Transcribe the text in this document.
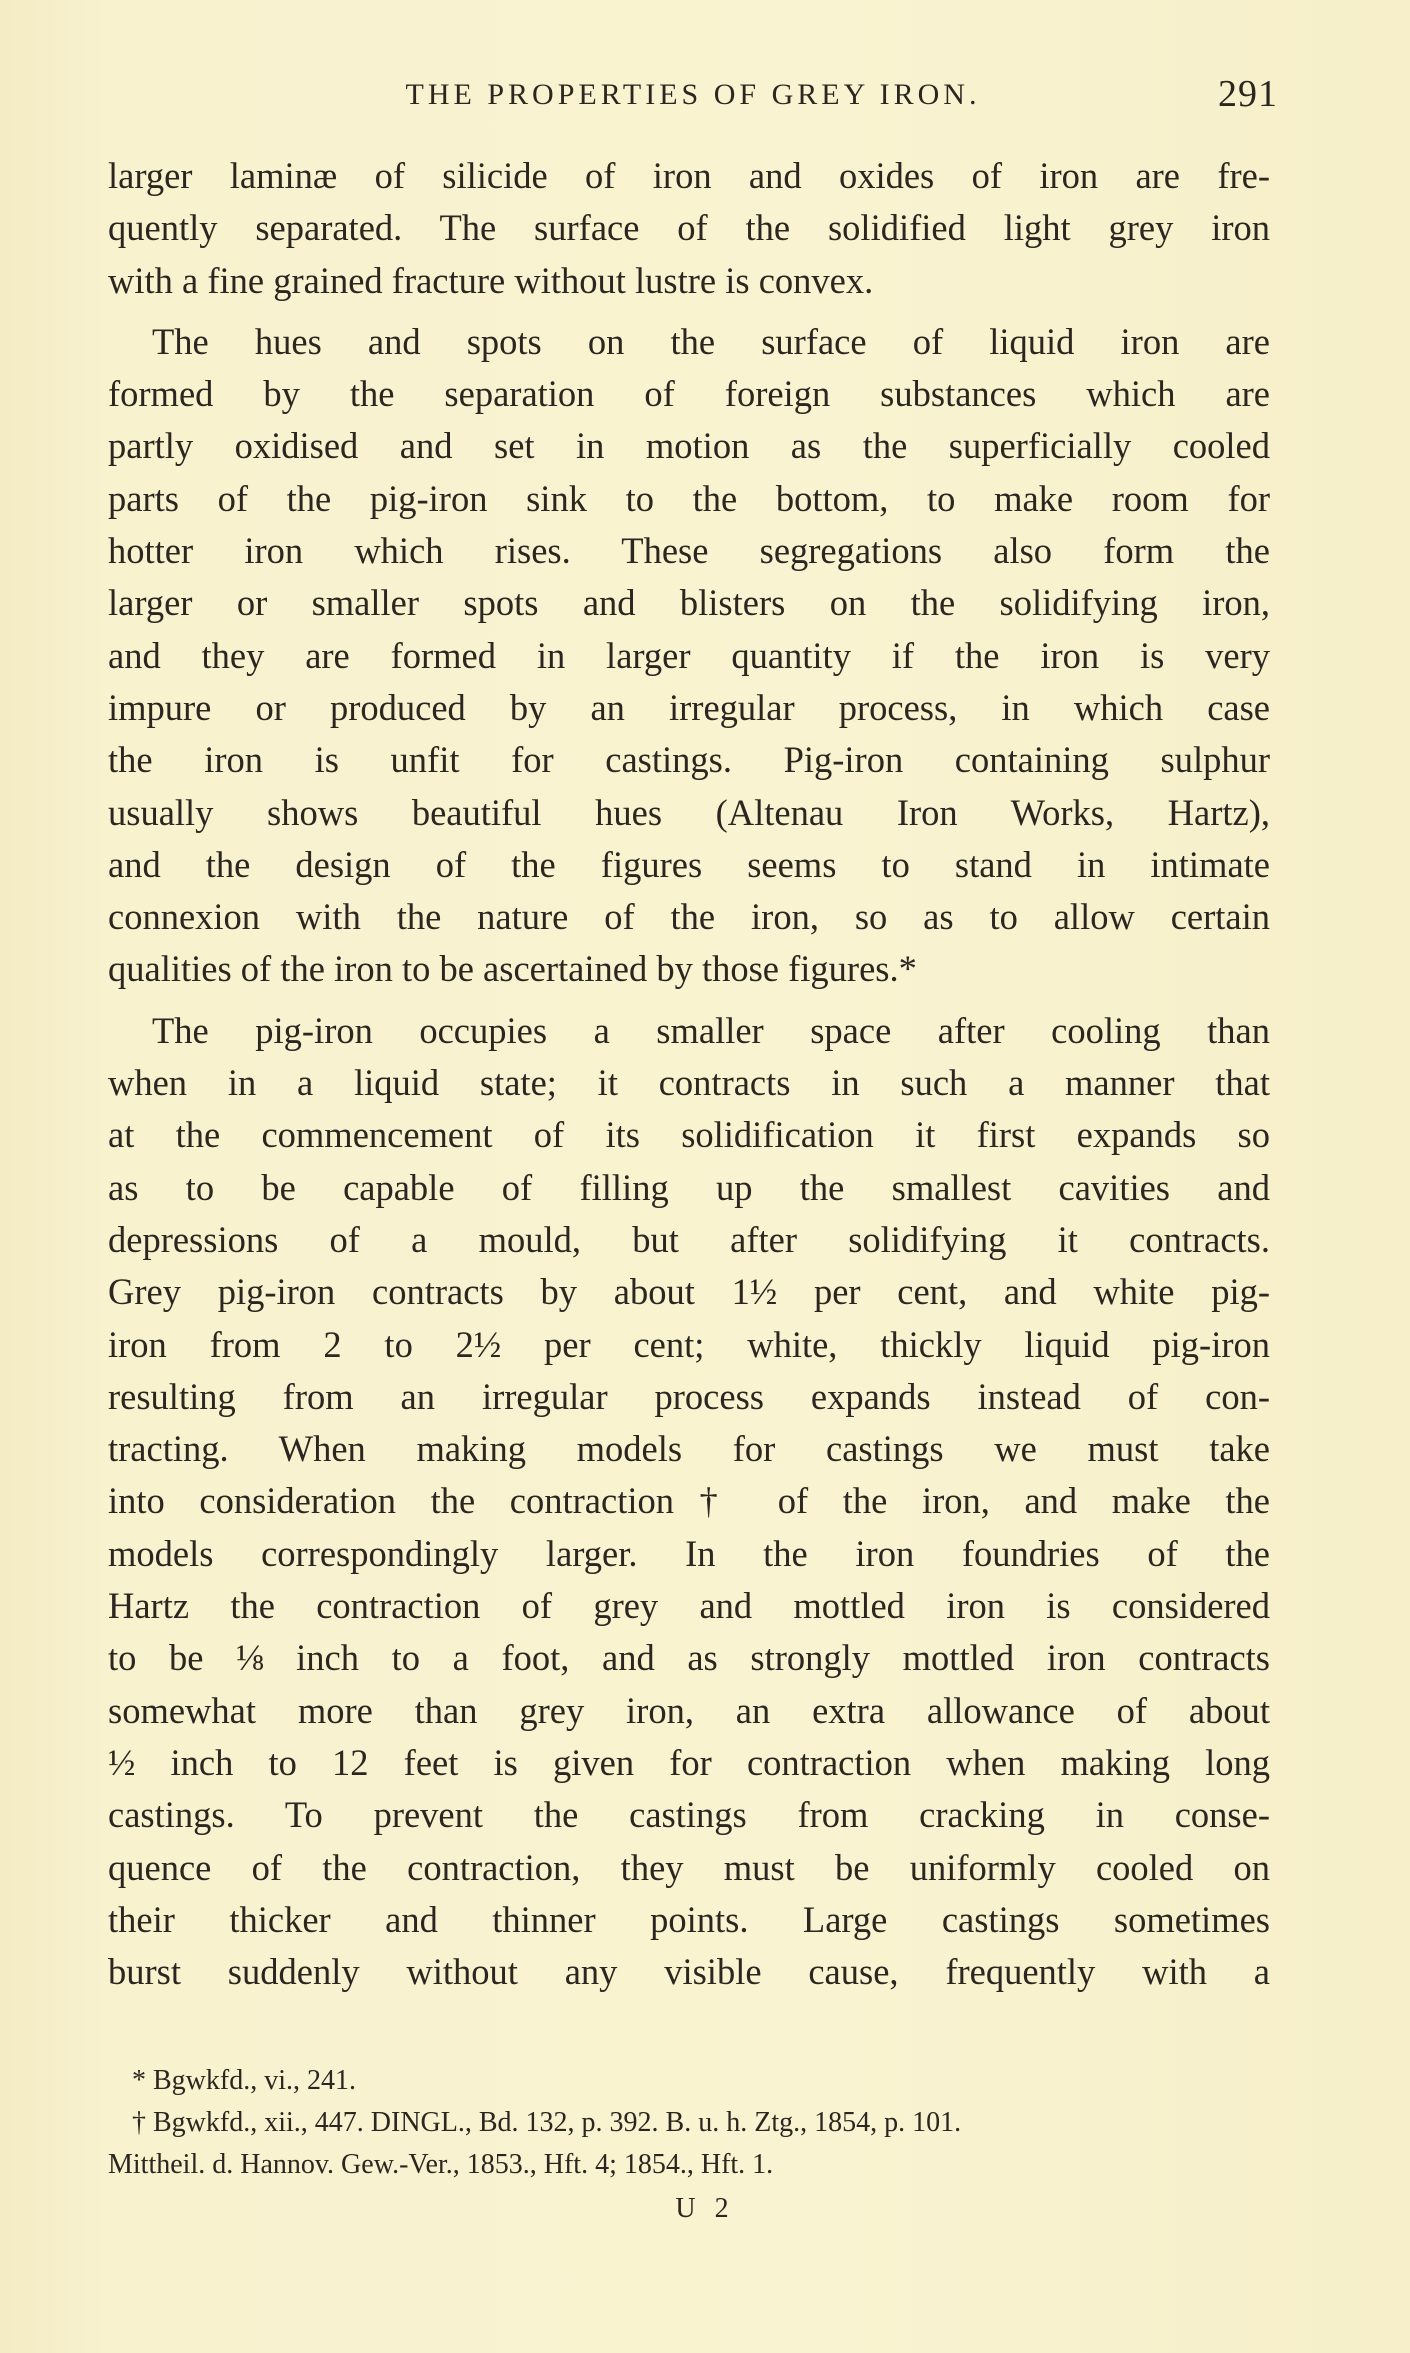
THE PROPERTIES OF GREY IRON.	291
larger laminæ of silicide of iron and oxides of iron are fre-
quently separated. The surface of the solidified light grey iron
with a fine grained fracture without lustre is convex.
The hues and spots on the surface of liquid iron are
formed by the separation of foreign substances which are
partly oxidised and set in motion as the superficially cooled
parts of the pig-iron sink to the bottom, to make room for
hotter iron which rises. These segregations also form the
larger or smaller spots and blisters on the solidifying iron,
and they are formed in larger quantity if the iron is very
impure or produced by an irregular process, in which case
the iron is unfit for castings. Pig-iron containing sulphur
usually shows beautiful hues (Altenau Iron Works, Hartz),
and the design of the figures seems to stand in intimate
connexion with the nature of the iron, so as to allow certain
qualities of the iron to be ascertained by those figures.*
The pig-iron occupies a smaller space after cooling than
when in a liquid state; it contracts in such a manner that
at the commencement of its solidification it first expands so
as to be capable of filling up the smallest cavities and
depressions of a mould, but after solidifying it contracts.
Grey pig-iron contracts by about 1½ per cent, and white pig-
iron from 2 to 2½ per cent; white, thickly liquid pig-iron
resulting from an irregular process expands instead of con-
tracting. When making models for castings we must take
into consideration the contraction† of the iron, and make the
models correspondingly larger. In the iron foundries of the
Hartz the contraction of grey and mottled iron is considered
to be ⅛ inch to a foot, and as strongly mottled iron contracts
somewhat more than grey iron, an extra allowance of about
½ inch to 12 feet is given for contraction when making long
castings. To prevent the castings from cracking in conse-
quence of the contraction, they must be uniformly cooled on
their thicker and thinner points. Large castings sometimes
burst suddenly without any visible cause, frequently with a
* Bgwkfd., vi., 241.
† Bgwkfd., xii., 447. DINGL., Bd. 132, p. 392. B. u. h. Ztg., 1854, p. 101.
Mittheil. d. Hannov. Gew.-Ver., 1853., Hft. 4; 1854., Hft. 1.
U 2
